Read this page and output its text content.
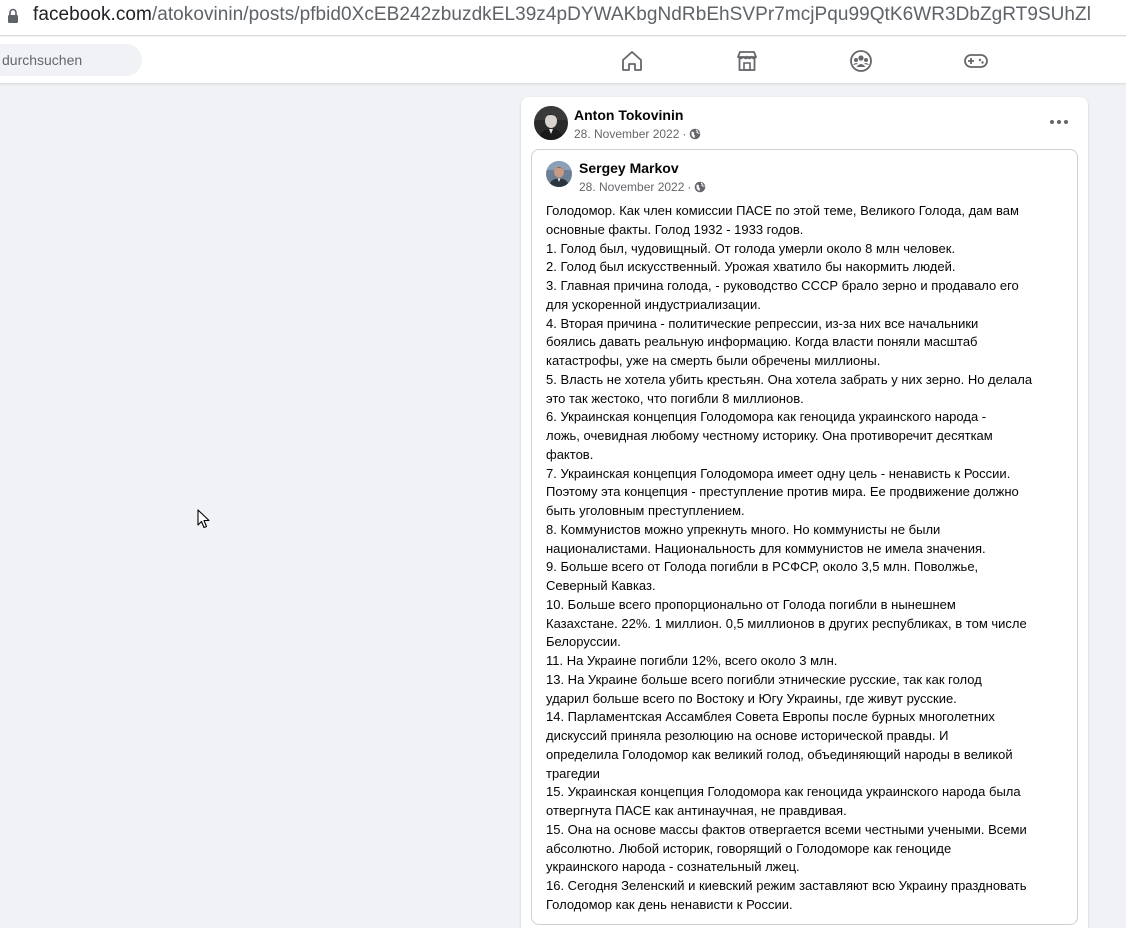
facebook.com/atokovinin/posts/pfbid0XcEB242zbuzdkEL39z4pDYWAKbgNdRbEhSVPr7mcjPqu99QtK6WR3DbZgRT9SUhZl
durchsuchen
Anton Tokovinin
28. November 2022 ·
Sergey Markov
28. November 2022 ·
Голодомор. Как член комиссии ПАСЕ по этой теме, Великого Голода, дам вам
основные факты. Голод 1932 - 1933 годов.
1. Голод был, чудовищный. От голода умерли около 8 млн человек.
2. Голод был искусственный. Урожая хватило бы накормить людей.
3. Главная причина голода, - руководство СССР брало зерно и продавало его
для ускоренной индустриализации.
4. Вторая причина - политические репрессии, из-за них все начальники
боялись давать реальную информацию. Когда власти поняли масштаб
катастрофы, уже на смерть были обречены миллионы.
5. Власть не хотела убить крестьян. Она хотела забрать у них зерно. Но делала
это так жестоко, что погибли 8 миллионов.
6. Украинская концепция Голодомора как геноцида украинского народа -
ложь, очевидная любому честному историку. Она противоречит десяткам
фактов.
7. Украинская концепция Голодомора имеет одну цель - ненависть к России.
Поэтому эта концепция - преступление против мира. Ее продвижение должно
быть уголовным преступлением.
8. Коммунистов можно упрекнуть много. Но коммунисты не были
националистами. Национальность для коммунистов не имела значения.
9. Больше всего от Голода погибли в РСФСР, около 3,5 млн. Поволжье,
Северный Кавказ.
10. Больше всего пропорционально от Голода погибли в нынешнем
Казахстане. 22%. 1 миллион. 0,5 миллионов в других республиках, в том числе
Белоруссии.
11. На Украине погибли 12%, всего около 3 млн.
13. На Украине больше всего погибли этнические русские, так как голод
ударил больше всего по Востоку и Югу Украины, где живут русские.
14. Парламентская Ассамблея Совета Европы после бурных многолетних
дискуссий приняла резолюцию на основе исторической правды. И
определила Голодомор как великий голод, объединяющий народы в великой
трагедии
15. Украинская концепция Голодомора как геноцида украинского народа была
отвергнута ПАСЕ как антинаучная, не правдивая.
15. Она на основе массы фактов отвергается всеми честными учеными. Всеми
абсолютно. Любой историк, говорящий о Голодоморе как геноциде
украинского народа - сознательный лжец.
16. Сегодня Зеленский и киевский режим заставляют всю Украину праздновать
Голодомор как день ненависти к России.
